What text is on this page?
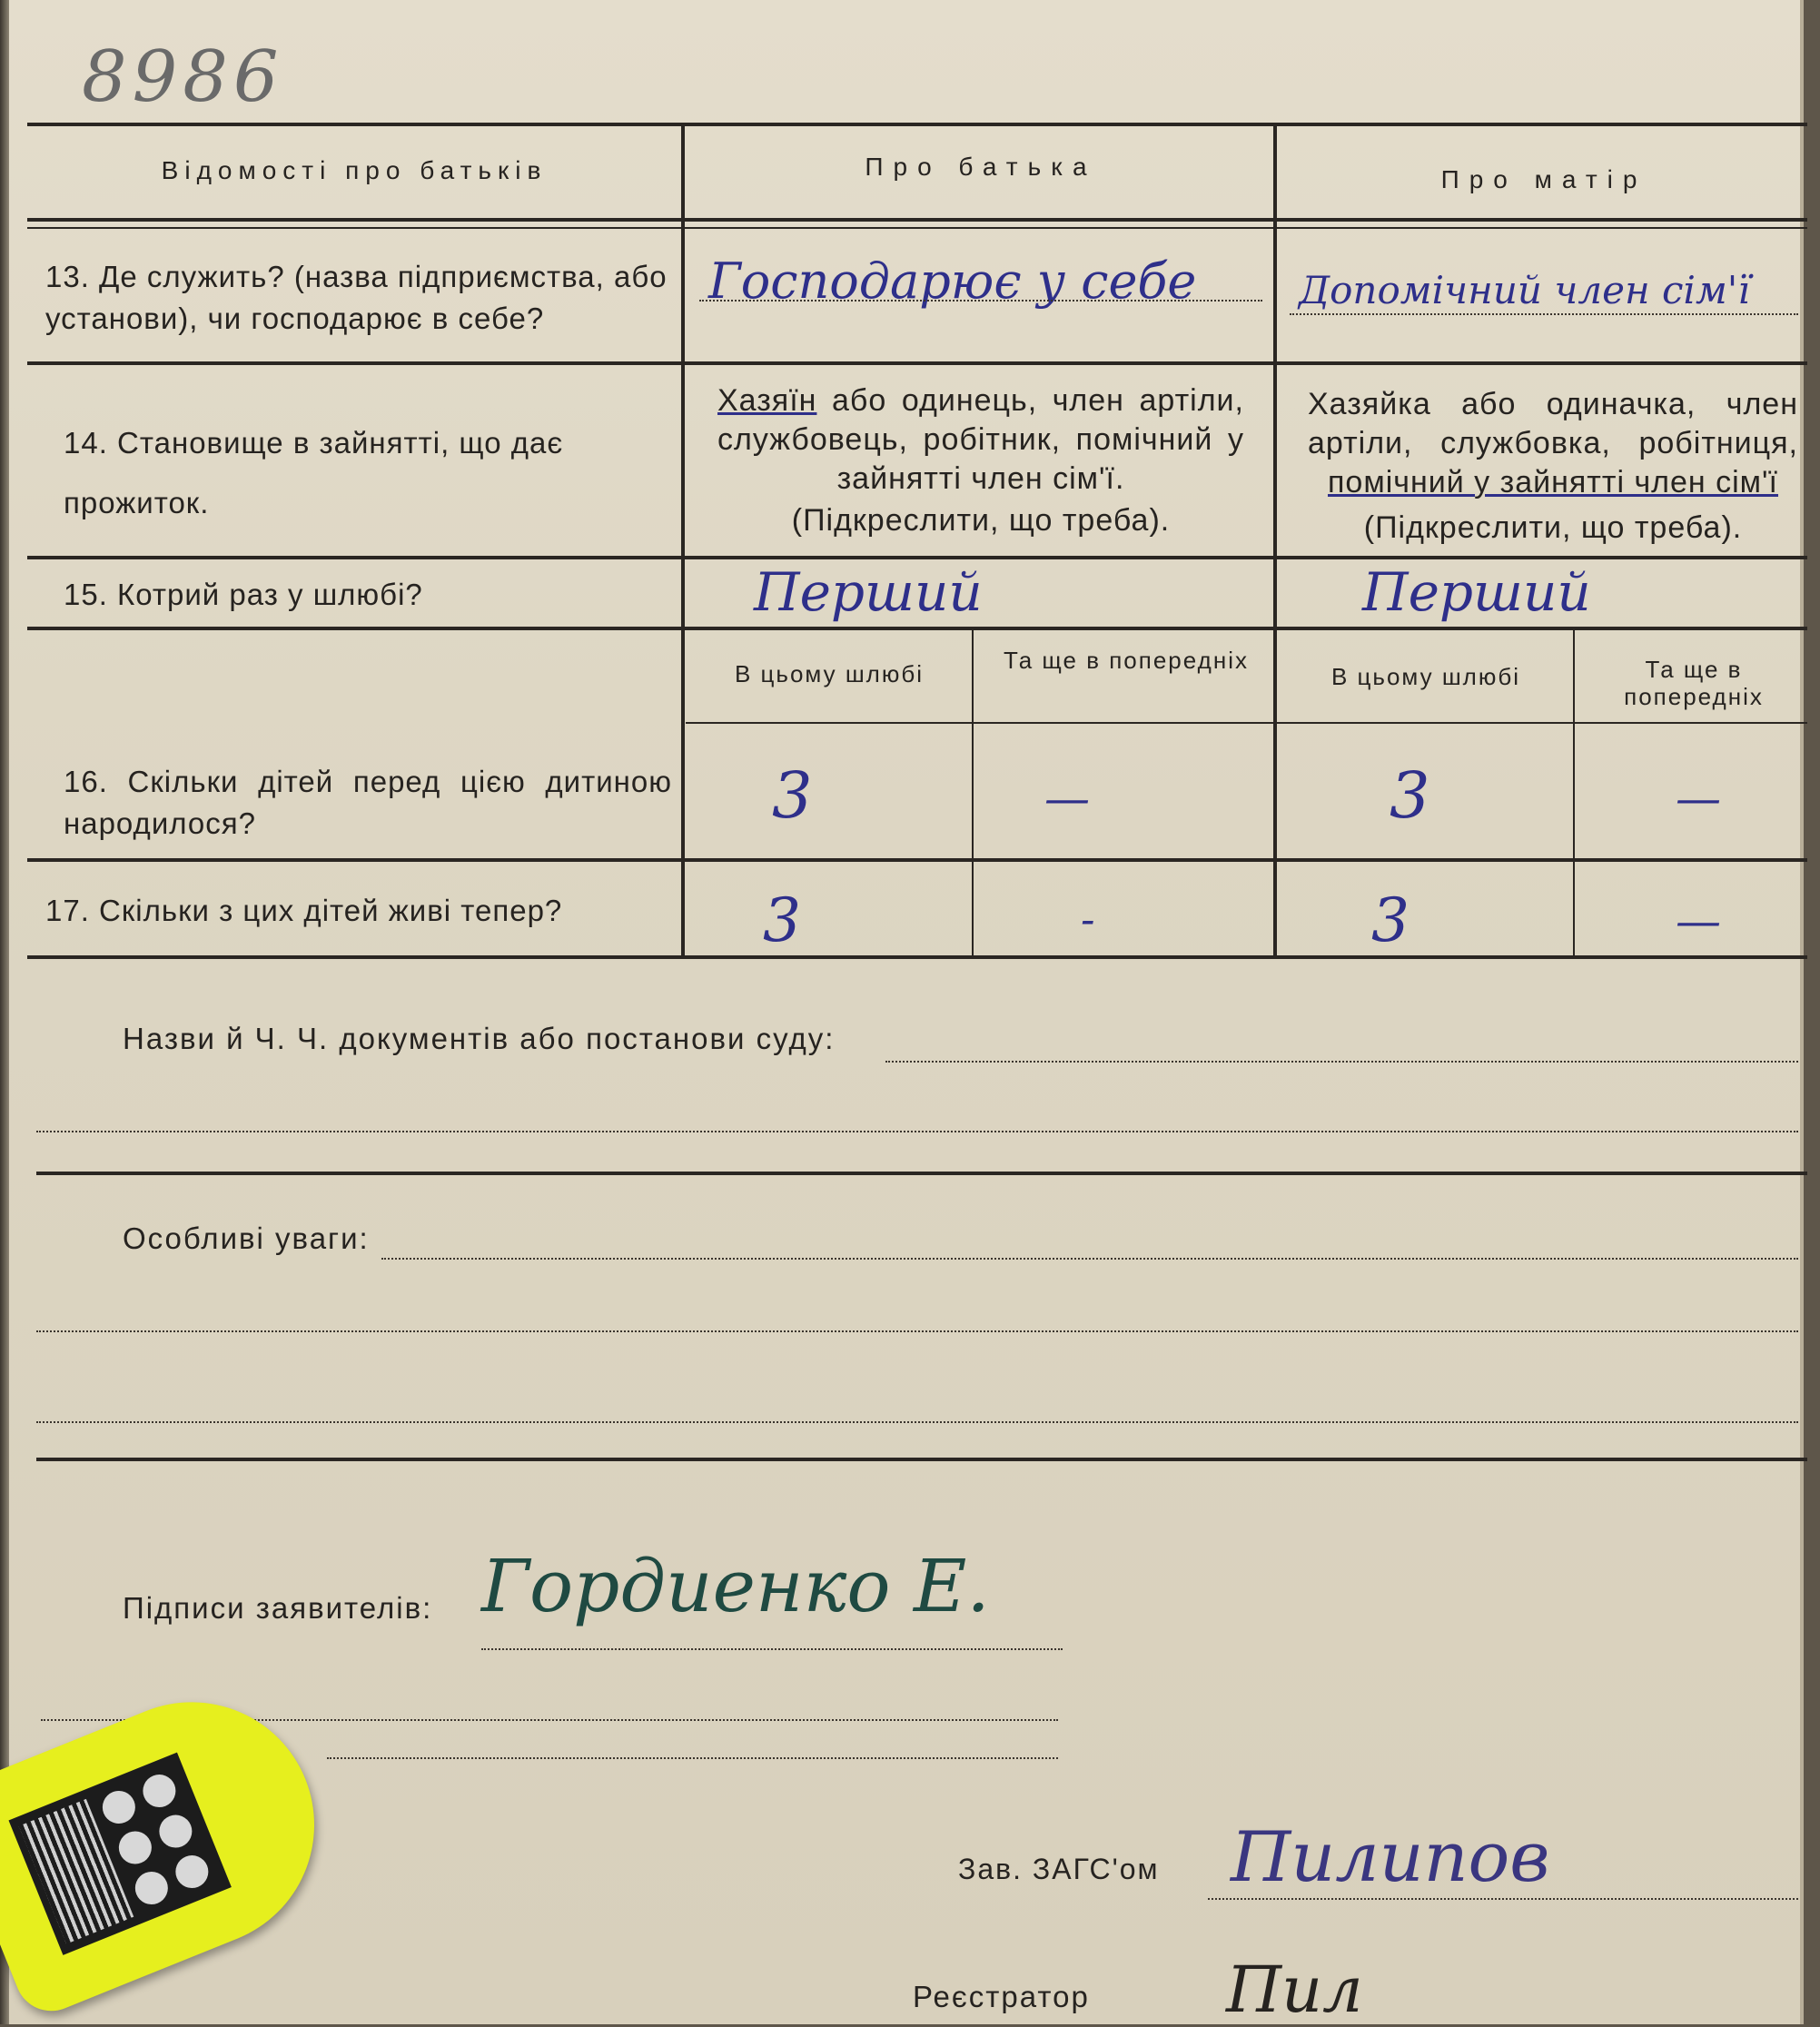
8986
Відомості про батьків	Про батька	Про матір
13. Де служить? (назва підприємства, або установи), чи господарює в себе?
Господарює у себе	Допомічний член сім'ї
14. Становище в зайнятті, що дає прожиток.
Хазяїн або одинець, член артіли, службовець, робітник, помічний у зайнятті член сім'ї.
(Підкреслити, що треба).
Хазяйка або одиначка, член артіли, службовка, робітниця, помічний у зайнятті член сім'ї
(Підкреслити, що треба).
15. Котрий раз у шлюбі?	Перший	Перший
В цьому шлюбі	Та ще в попередніх
В цьому шлюбі	Та ще в попередніх
16. Скільки дітей перед цією дитиною народилося?	3	—	3	—
17. Скільки з цих дітей живі тепер?	3	-	3	—
Назви й Ч. Ч. документів або постанови суду:
Особливі уваги:
Підписи заявителів: Гордиенко Е.
Зав. ЗАГС'ом Пилипов
Реєстратор Пил
